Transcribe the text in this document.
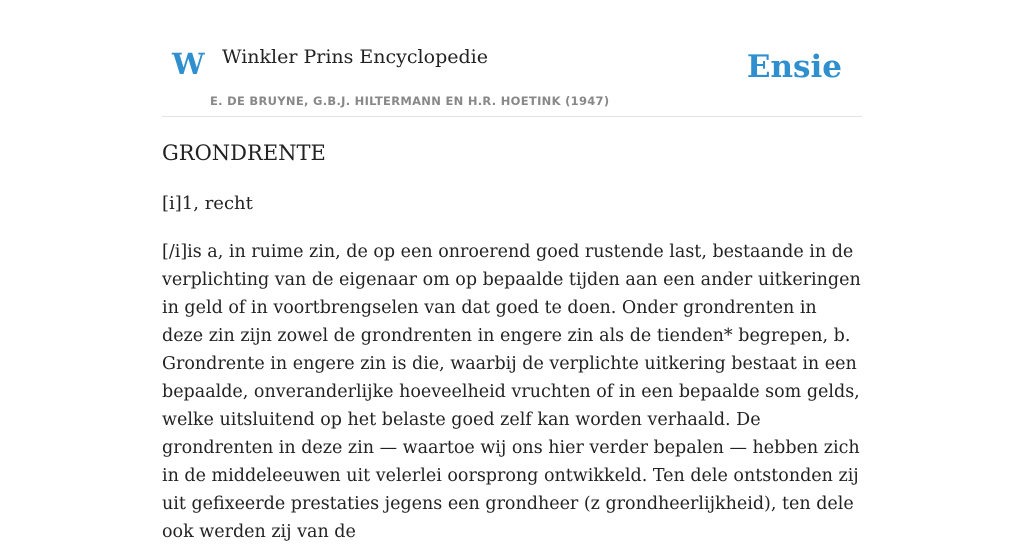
W Winkler Prins Encyclopedie
E. DE BRUYNE, G.B.J. HILTERMANN EN H.R. HOETINK (1947)
Ensie
GRONDRENTE

[i]1, recht

[/i]is a, in ruime zin, de op een onroerend goed rustende last, bestaande in de verplichting van de eigenaar om op bepaalde tijden aan een ander uitkeringen in geld of in voortbrengselen van dat goed te doen. Onder grondrenten in deze zin zijn zowel de grondrenten in engere zin als de tienden* begrepen, b. Grondrente in engere zin is die, waarbij de verplichte uitkering bestaat in een bepaalde, onveranderlijke hoeveelheid vruchten of in een bepaalde som gelds, welke uitsluitend op het belaste goed zelf kan worden verhaald. De grondrenten in deze zin — waartoe wij ons hier verder bepalen — hebben zich in de middeleeuwen uit velerlei oorsprong ontwikkeld. Ten dele ontstonden zij uit gefixeerde prestaties jegens een grondheer (z grondheerlijkheid), ten dele ook werden zij van de
